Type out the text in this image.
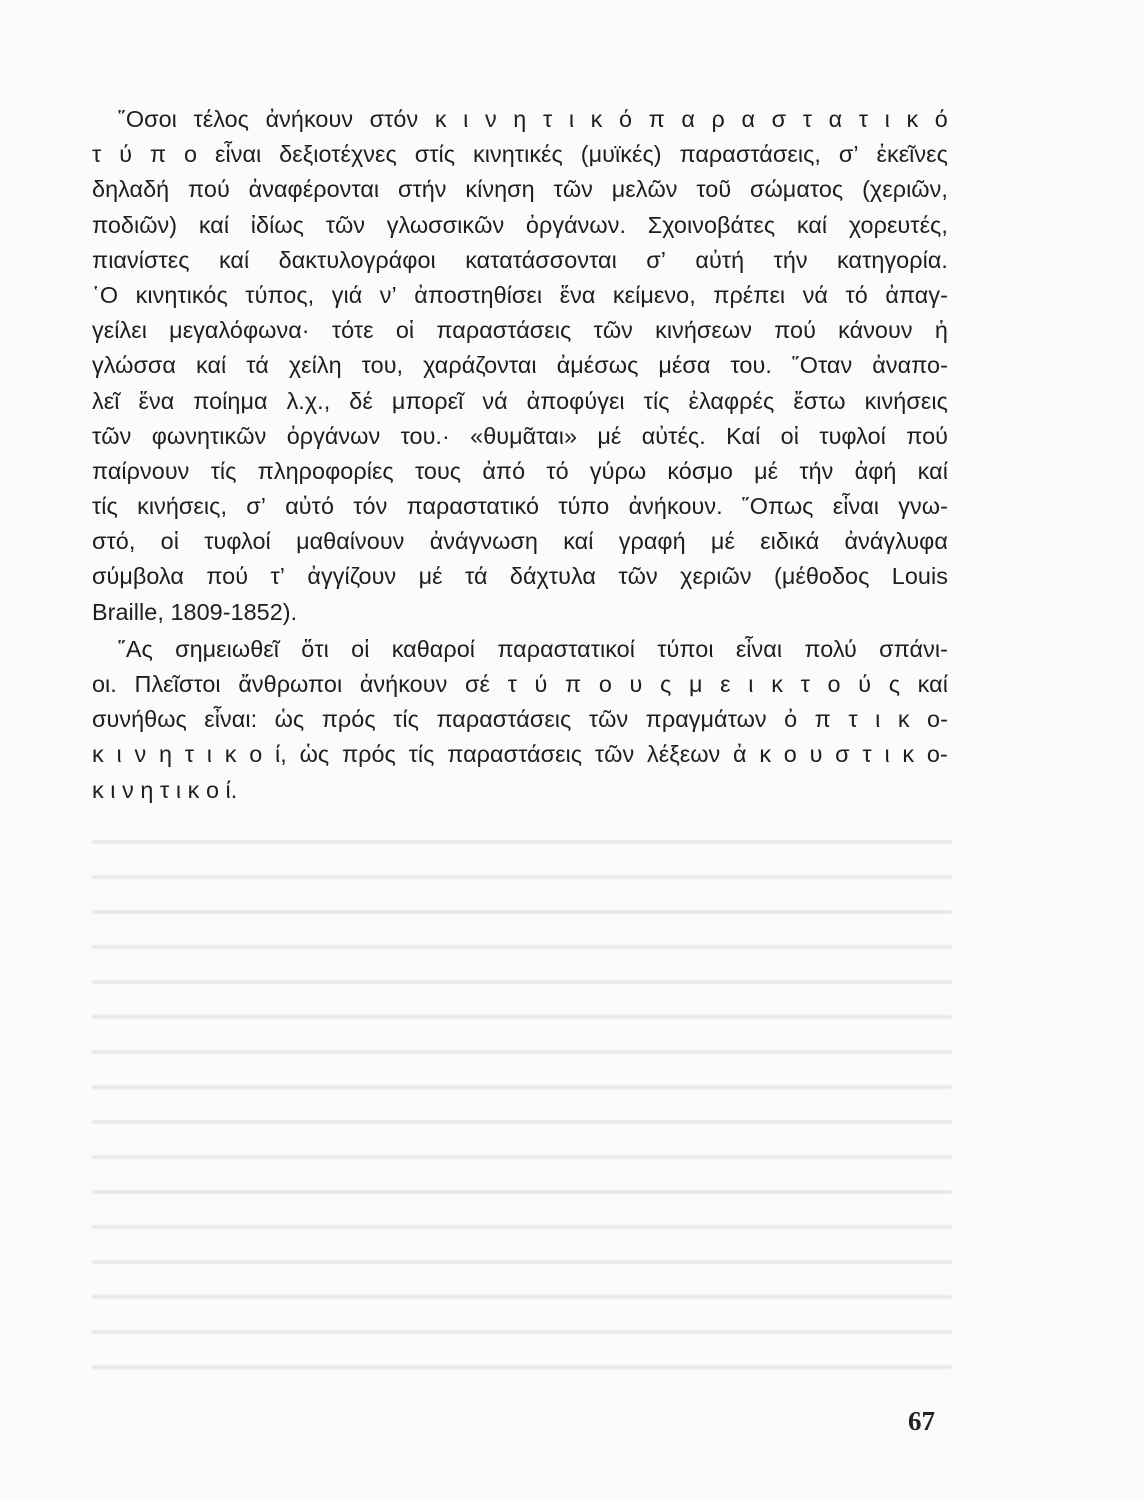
῞Οσοι τέλος ἀνήκουν στόν κ ι ν η τ ι κ ό π α ρ α σ τ α τ ι κ ό
τ ύ π ο εἶναι δεξιοτέχνες στίς κινητικές (μυϊκές) παραστάσεις, σ’ ἐκεῖνες
δηλαδή πού ἀναφέρονται στήν κίνηση τῶν μελῶν τοῦ σώματος (χεριῶν,
ποδιῶν) καί ἰδίως τῶν γλωσσικῶν ὀργάνων. Σχοινοβάτες καί χορευτές,
πιανίστες καί δακτυλογράφοι κατατάσσονται σ’ αὐτή τήν κατηγορία.
῾Ο κινητικός τύπος, γιά ν’ ἀποστηθίσει ἕνα κείμενο, πρέπει νά τό ἀπαγ-
γείλει μεγαλόφωνα· τότε οἱ παραστάσεις τῶν κινήσεων πού κάνουν ἡ
γλώσσα καί τά χείλη του, χαράζονται ἀμέσως μέσα του. ῞Οταν ἀναπο-
λεῖ ἕνα ποίημα λ.χ., δέ μπορεῖ νά ἀποφύγει τίς ἐλαφρές ἔστω κινήσεις
τῶν φωνητικῶν ὀργάνων του.· «θυμᾶται» μέ αὐτές. Καί οἱ τυφλοί πού
παίρνουν τίς πληροφορίες τους ἀπό τό γύρω κόσμο μέ τήν ἀφή καί
τίς κινήσεις, σ’ αὐτό τόν παραστατικό τύπο ἀνήκουν. ῞Οπως εἶναι γνω-
στό, οἱ τυφλοί μαθαίνουν ἀνάγνωση καί γραφή μέ ειδικά ἀνάγλυφα
σύμβολα πού τ’ ἀγγίζουν μέ τά δάχτυλα τῶν χεριῶν (μέθοδος Louis
Braille, 1809-1852).
῞Ας σημειωθεῖ ὅτι οἱ καθαροί παραστατικοί τύποι εἶναι πολύ σπάνι-
οι. Πλεῖστοι ἄνθρωποι ἀνήκουν σέ τ ύ π ο υ ς μ ε ι κ τ ο ύ ς καί
συνήθως εἶναι: ὡς πρός τίς παραστάσεις τῶν πραγμάτων ὀ π τ ι κ ο-
κ ι ν η τ ι κ ο ί, ὡς πρός τίς παραστάσεις τῶν λέξεων ἀ κ ο υ σ τ ι κ ο-
κ ι ν η τ ι κ ο ί.
67
